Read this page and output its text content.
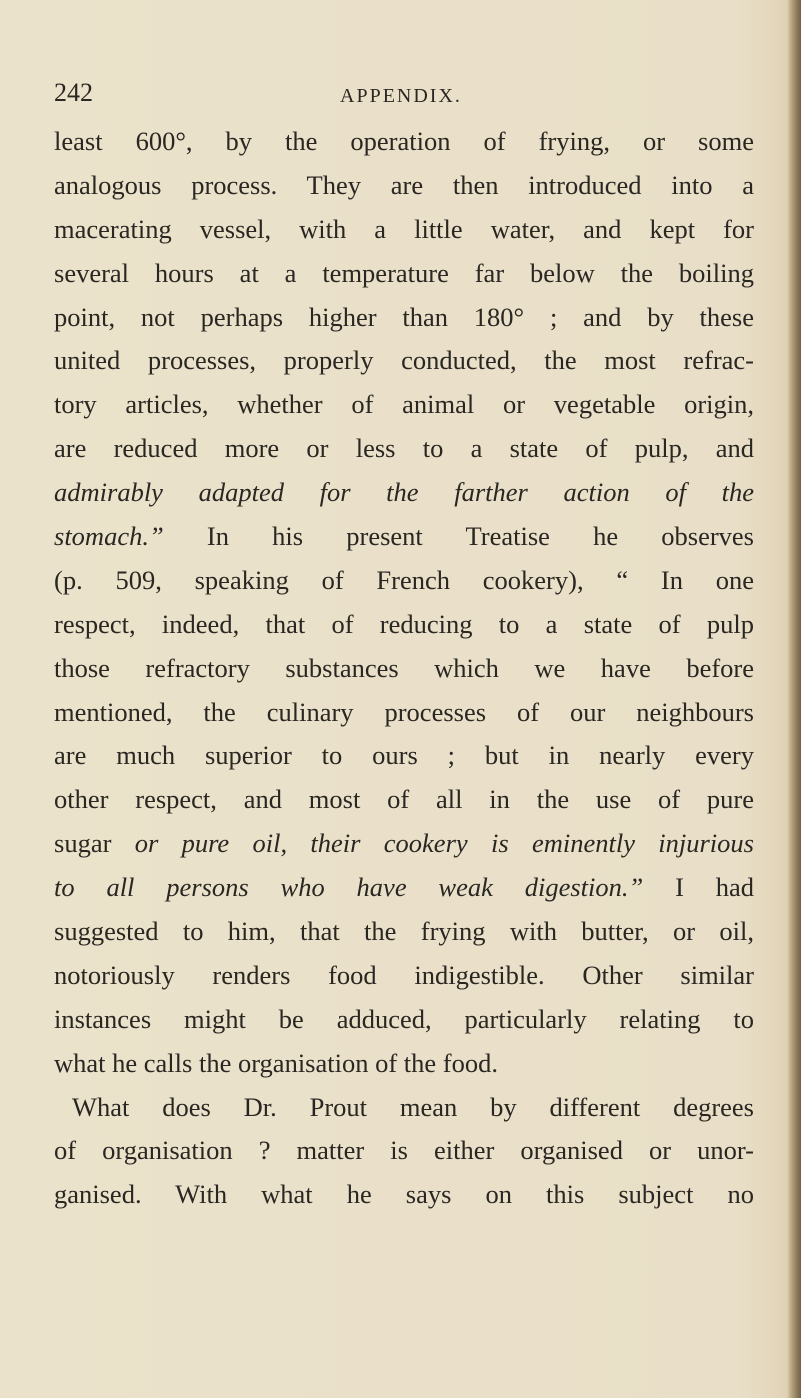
242	APPENDIX.
least 600°, by the operation of frying, or some
analogous process. They are then introduced into a
macerating vessel, with a little water, and kept for
several hours at a temperature far below the boiling
point, not perhaps higher than 180° ; and by these
united processes, properly conducted, the most refrac-
tory articles, whether of animal or vegetable origin,
are reduced more or less to a state of pulp, and
admirably adapted for the farther action of the
stomach.” In his present Treatise he observes
(p. 509, speaking of French cookery), “ In one
respect, indeed, that of reducing to a state of pulp
those refractory substances which we have before
mentioned, the culinary processes of our neighbours
are much superior to ours ; but in nearly every
other respect, and most of all in the use of pure
sugar or pure oil, their cookery is eminently injurious
to all persons who have weak digestion.” I had
suggested to him, that the frying with butter, or oil,
notoriously renders food indigestible. Other similar
instances might be adduced, particularly relating to
what he calls the organisation of the food.
What does Dr. Prout mean by different degrees
of organisation ? matter is either organised or unor-
ganised. With what he says on this subject no
